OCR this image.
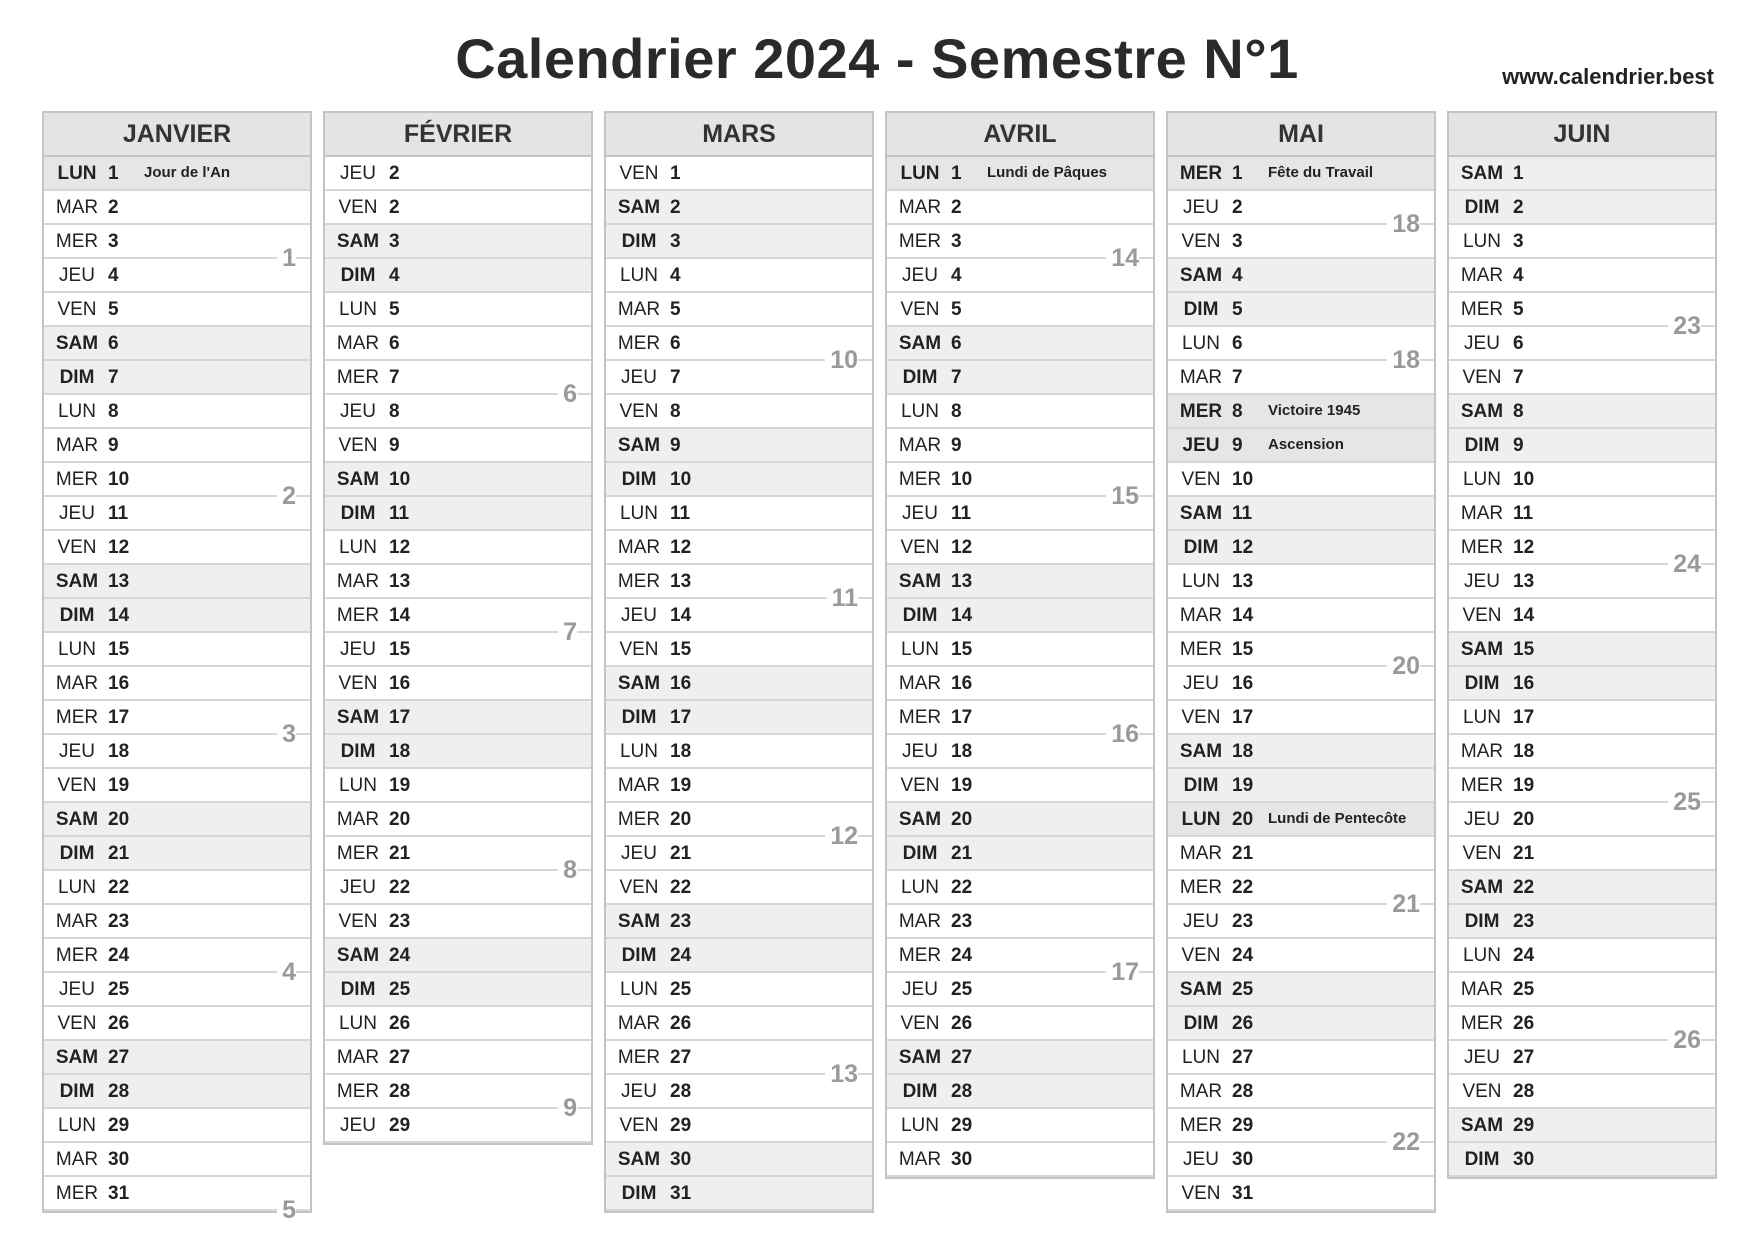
Calendrier 2024 - Semestre N°1	www.calendrier.best
JANVIER
LUN 1 Jour de l'An
MAR 2
MER 3
JEU 4
VEN 5
SAM 6
DIM 7
LUN 8
MAR 9
MER 10
JEU 11
VEN 12
SAM 13
DIM 14
LUN 15
MAR 16
MER 17
JEU 18
VEN 19
SAM 20
DIM 21
LUN 22
MAR 23
MER 24
JEU 25
VEN 26
SAM 27
DIM 28
LUN 29
MAR 30
MER 31
1
2
3
4
5
FÉVRIER
JEU 2
VEN 2
SAM 3
DIM 4
LUN 5
MAR 6
MER 7
JEU 8
VEN 9
SAM 10
DIM 11
LUN 12
MAR 13
MER 14
JEU 15
VEN 16
SAM 17
DIM 18
LUN 19
MAR 20
MER 21
JEU 22
VEN 23
SAM 24
DIM 25
LUN 26
MAR 27
MER 28
JEU 29
6
7
8
9
MARS
VEN 1
SAM 2
DIM 3
LUN 4
MAR 5
MER 6
JEU 7
VEN 8
SAM 9
DIM 10
LUN 11
MAR 12
MER 13
JEU 14
VEN 15
SAM 16
DIM 17
LUN 18
MAR 19
MER 20
JEU 21
VEN 22
SAM 23
DIM 24
LUN 25
MAR 26
MER 27
JEU 28
VEN 29
SAM 30
DIM 31
10
11
12
13
AVRIL
LUN 1 Lundi de Pâques
MAR 2
MER 3
JEU 4
VEN 5
SAM 6
DIM 7
LUN 8
MAR 9
MER 10
JEU 11
VEN 12
SAM 13
DIM 14
LUN 15
MAR 16
MER 17
JEU 18
VEN 19
SAM 20
DIM 21
LUN 22
MAR 23
MER 24
JEU 25
VEN 26
SAM 27
DIM 28
LUN 29
MAR 30
14
15
16
17
MAI
MER 1 Fête du Travail
JEU 2
VEN 3
SAM 4
DIM 5
LUN 6
MAR 7
MER 8 Victoire 1945
JEU 9 Ascension
VEN 10
SAM 11
DIM 12
LUN 13
MAR 14
MER 15
JEU 16
VEN 17
SAM 18
DIM 19
LUN 20 Lundi de Pentecôte
MAR 21
MER 22
JEU 23
VEN 24
SAM 25
DIM 26
LUN 27
MAR 28
MER 29
JEU 30
VEN 31
18
18
20
21
22
JUIN
SAM 1
DIM 2
LUN 3
MAR 4
MER 5
JEU 6
VEN 7
SAM 8
DIM 9
LUN 10
MAR 11
MER 12
JEU 13
VEN 14
SAM 15
DIM 16
LUN 17
MAR 18
MER 19
JEU 20
VEN 21
SAM 22
DIM 23
LUN 24
MAR 25
MER 26
JEU 27
VEN 28
SAM 29
DIM 30
23
24
25
26
